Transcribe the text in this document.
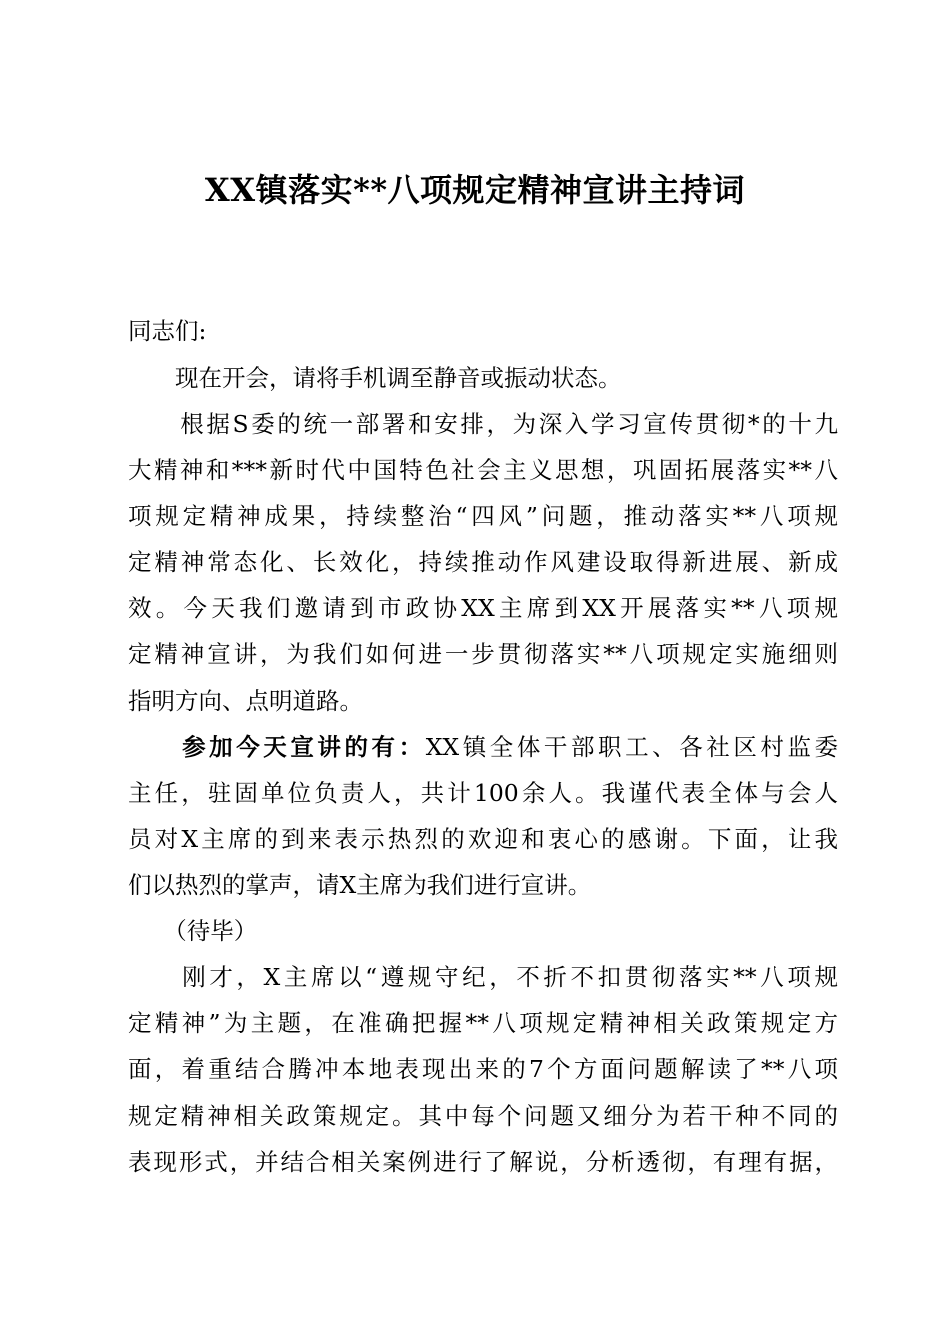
XX镇落实**八项规定精神宣讲主持词
同志们:
　　现在开会，请将手机调至静音或振动状态。
　　根据S委的统一部署和安排，为深入学习宣传贯彻*的十九
大精神和***新时代中国特色社会主义思想，巩固拓展落实**八
项规定精神成果，持续整治“四风”问题，推动落实**八项规
定精神常态化、长效化，持续推动作风建设取得新进展、新成
效。今天我们邀请到市政协XX主席到XX开展落实**八项规
定精神宣讲，为我们如何进一步贯彻落实**八项规定实施细则
指明方向、点明道路。
　　参加今天宣讲的有：XX镇全体干部职工、各社区村监委
主任，驻固单位负责人，共计100余人。我谨代表全体与会人
员对X主席的到来表示热烈的欢迎和衷心的感谢。下面，让我
们以热烈的掌声，请X主席为我们进行宣讲。
　　（待毕）
　　刚才，X主席以“遵规守纪，不折不扣贯彻落实**八项规
定精神”为主题，在准确把握**八项规定精神相关政策规定方
面，着重结合腾冲本地表现出来的7个方面问题解读了**八项
规定精神相关政策规定。其中每个问题又细分为若干种不同的
表现形式，并结合相关案例进行了解说，分析透彻，有理有据，
